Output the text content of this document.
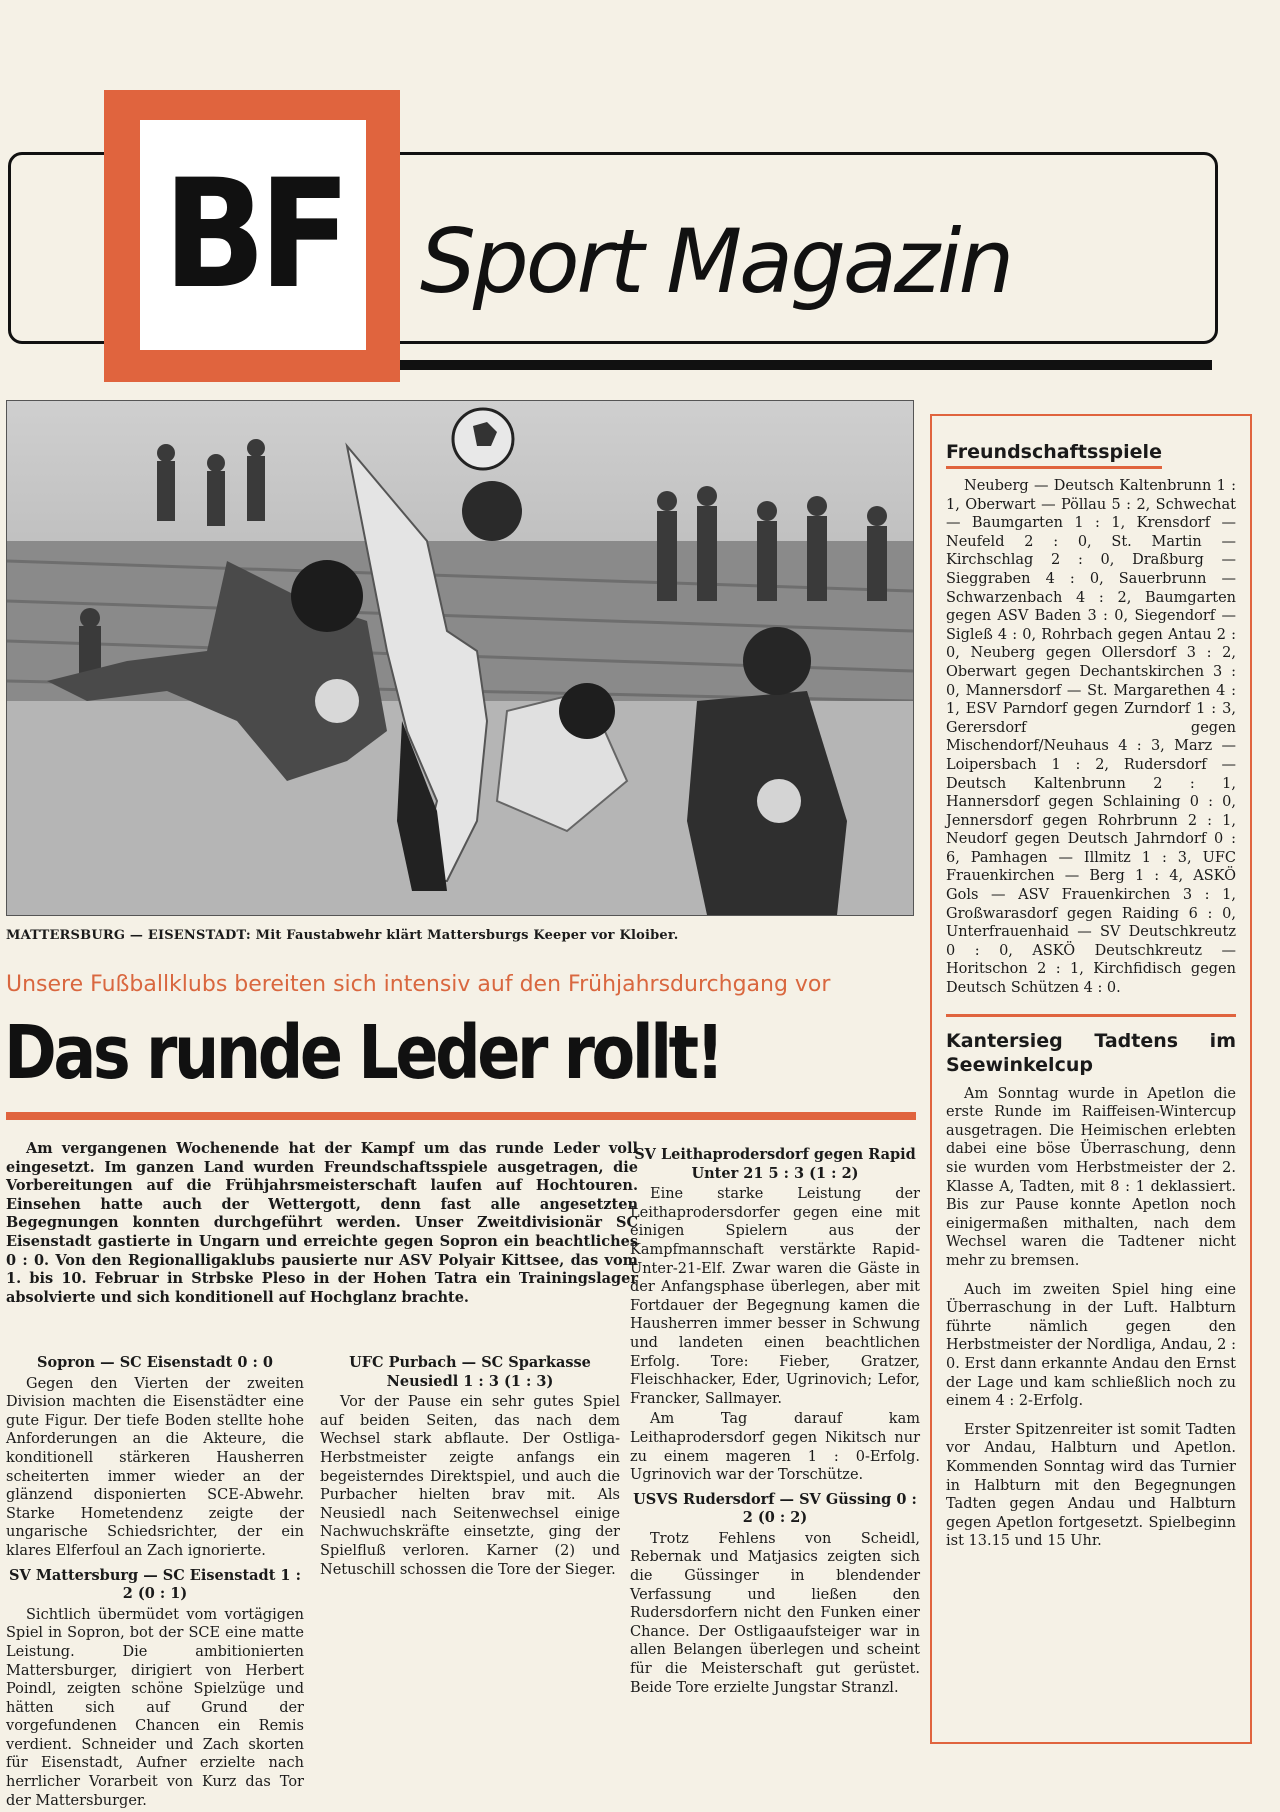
BF Sport Magazin
MATTERSBURG — EISENSTADT: Mit Faustabwehr klärt Mattersburgs Keeper vor Kloiber.
Unsere Fußballklubs bereiten sich intensiv auf den Frühjahrsdurchgang vor
Das runde Leder rollt!

Am vergangenen Wochenende hat der Kampf um das runde Leder voll eingesetzt. Im ganzen Land wurden Freundschaftsspiele ausgetragen, die Vorbereitungen auf die Frühjahrsmeisterschaft laufen auf Hochtouren. Einsehen hatte auch der Wettergott, denn fast alle angesetzten Begegnungen konnten durchgeführt werden. Unser Zweitdivisionär SC Eisenstadt gastierte in Ungarn und erreichte gegen Sopron ein beachtliches 0 : 0. Von den Regionalligaklubs pausierte nur ASV Polyair Kittsee, das vom 1. bis 10. Februar in Strbske Pleso in der Hohen Tatra ein Trainingslager absolvierte und sich konditionell auf Hochglanz brachte.

Sopron — SC Eisenstadt 0 : 0

Gegen den Vierten der zweiten Division machten die Eisenstädter eine gute Figur. Der tiefe Boden stellte hohe Anforderungen an die Akteure, die konditionell stärkeren Hausherren scheiterten immer wieder an der glänzend disponierten SCE-Abwehr. Starke Hometendenz zeigte der ungarische Schiedsrichter, der ein klares Elferfoul an Zach ignorierte.

SV Mattersburg — SC Eisenstadt 1 : 2 (0 : 1)

Sichtlich übermüdet vom vortägigen Spiel in Sopron, bot der SCE eine matte Leistung. Die ambitionierten Mattersburger, dirigiert von Herbert Poindl, zeigten schöne Spielzüge und hätten sich auf Grund der vorgefundenen Chancen ein Remis verdient. Schneider und Zach skorten für Eisenstadt, Aufner erzielte nach herrlicher Vorarbeit von Kurz das Tor der Mattersburger.

UFC Purbach — SC Sparkasse Neusiedl 1 : 3 (1 : 3)

Vor der Pause ein sehr gutes Spiel auf beiden Seiten, das nach dem Wechsel stark abflaute. Der Ostliga-Herbstmeister zeigte anfangs ein begeisterndes Direktspiel, und auch die Purbacher hielten brav mit. Als Neusiedl nach Seitenwechsel einige Nachwuchskräfte einsetzte, ging der Spielfluß verloren. Karner (2) und Netuschill schossen die Tore der Sieger.

SV Leithaprodersdorf gegen Rapid Unter 21 5 : 3 (1 : 2)

Eine starke Leistung der Leithaprodersdorfer gegen eine mit einigen Spielern aus der Kampfmannschaft verstärkte Rapid-Unter-21-Elf. Zwar waren die Gäste in der Anfangsphase überlegen, aber mit Fortdauer der Begegnung kamen die Hausherren immer besser in Schwung und landeten einen beachtlichen Erfolg. Tore: Fieber, Gratzer, Fleischhacker, Eder, Ugrinovich; Lefor, Francker, Sallmayer.

Am Tag darauf kam Leithaprodersdorf gegen Nikitsch nur zu einem mageren 1 : 0-Erfolg. Ugrinovich war der Torschütze.

USVS Rudersdorf — SV Güssing 0 : 2 (0 : 2)

Trotz Fehlens von Scheidl, Rebernak und Matjasics zeigten sich die Güssinger in blendender Verfassung und ließen den Rudersdorfern nicht den Funken einer Chance. Der Ostligaaufsteiger war in allen Belangen überlegen und scheint für die Meisterschaft gut gerüstet. Beide Tore erzielte Jungstar Stranzl.

Freundschaftsspiele

Neuberg — Deutsch Kaltenbrunn 1 : 1, Oberwart — Pöllau 5 : 2, Schwechat — Baumgarten 1 : 1, Krensdorf — Neufeld 2 : 0, St. Martin — Kirchschlag 2 : 0, Draßburg — Sieggraben 4 : 0, Sauerbrunn — Schwarzenbach 4 : 2, Baumgarten gegen ASV Baden 3 : 0, Siegendorf — Sigleß 4 : 0, Rohrbach gegen Antau 2 : 0, Neuberg gegen Ollersdorf 3 : 2, Oberwart gegen Dechantskirchen 3 : 0, Mannersdorf — St. Margarethen 4 : 1, ESV Parndorf gegen Zurndorf 1 : 3, Gerersdorf gegen Mischendorf/Neuhaus 4 : 3, Marz — Loipersbach 1 : 2, Rudersdorf — Deutsch Kaltenbrunn 2 : 1, Hannersdorf gegen Schlaining 0 : 0, Jennersdorf gegen Rohrbrunn 2 : 1, Neudorf gegen Deutsch Jahrndorf 0 : 6, Pamhagen — Illmitz 1 : 3, UFC Frauenkirchen — Berg 1 : 4, ASKÖ Gols — ASV Frauenkirchen 3 : 1, Großwarasdorf gegen Raiding 6 : 0, Unterfrauenhaid — SV Deutschkreutz 0 : 0, ASKÖ Deutschkreutz — Horitschon 2 : 1, Kirchfidisch gegen Deutsch Schützen 4 : 0.

Kantersieg Tadtens im Seewinkelcup

Am Sonntag wurde in Apetlon die erste Runde im Raiffeisen-Wintercup ausgetragen. Die Heimischen erlebten dabei eine böse Überraschung, denn sie wurden vom Herbstmeister der 2. Klasse A, Tadten, mit 8 : 1 deklassiert. Bis zur Pause konnte Apetlon noch einigermaßen mithalten, nach dem Wechsel waren die Tadtener nicht mehr zu bremsen.

Auch im zweiten Spiel hing eine Überraschung in der Luft. Halbturn führte nämlich gegen den Herbstmeister der Nordliga, Andau, 2 : 0. Erst dann erkannte Andau den Ernst der Lage und kam schließlich noch zu einem 4 : 2-Erfolg.

Erster Spitzenreiter ist somit Tadten vor Andau, Halbturn und Apetlon. Kommenden Sonntag wird das Turnier in Halbturn mit den Begegnungen Tadten gegen Andau und Halbturn gegen Apetlon fortgesetzt. Spielbeginn ist 13.15 und 15 Uhr.
